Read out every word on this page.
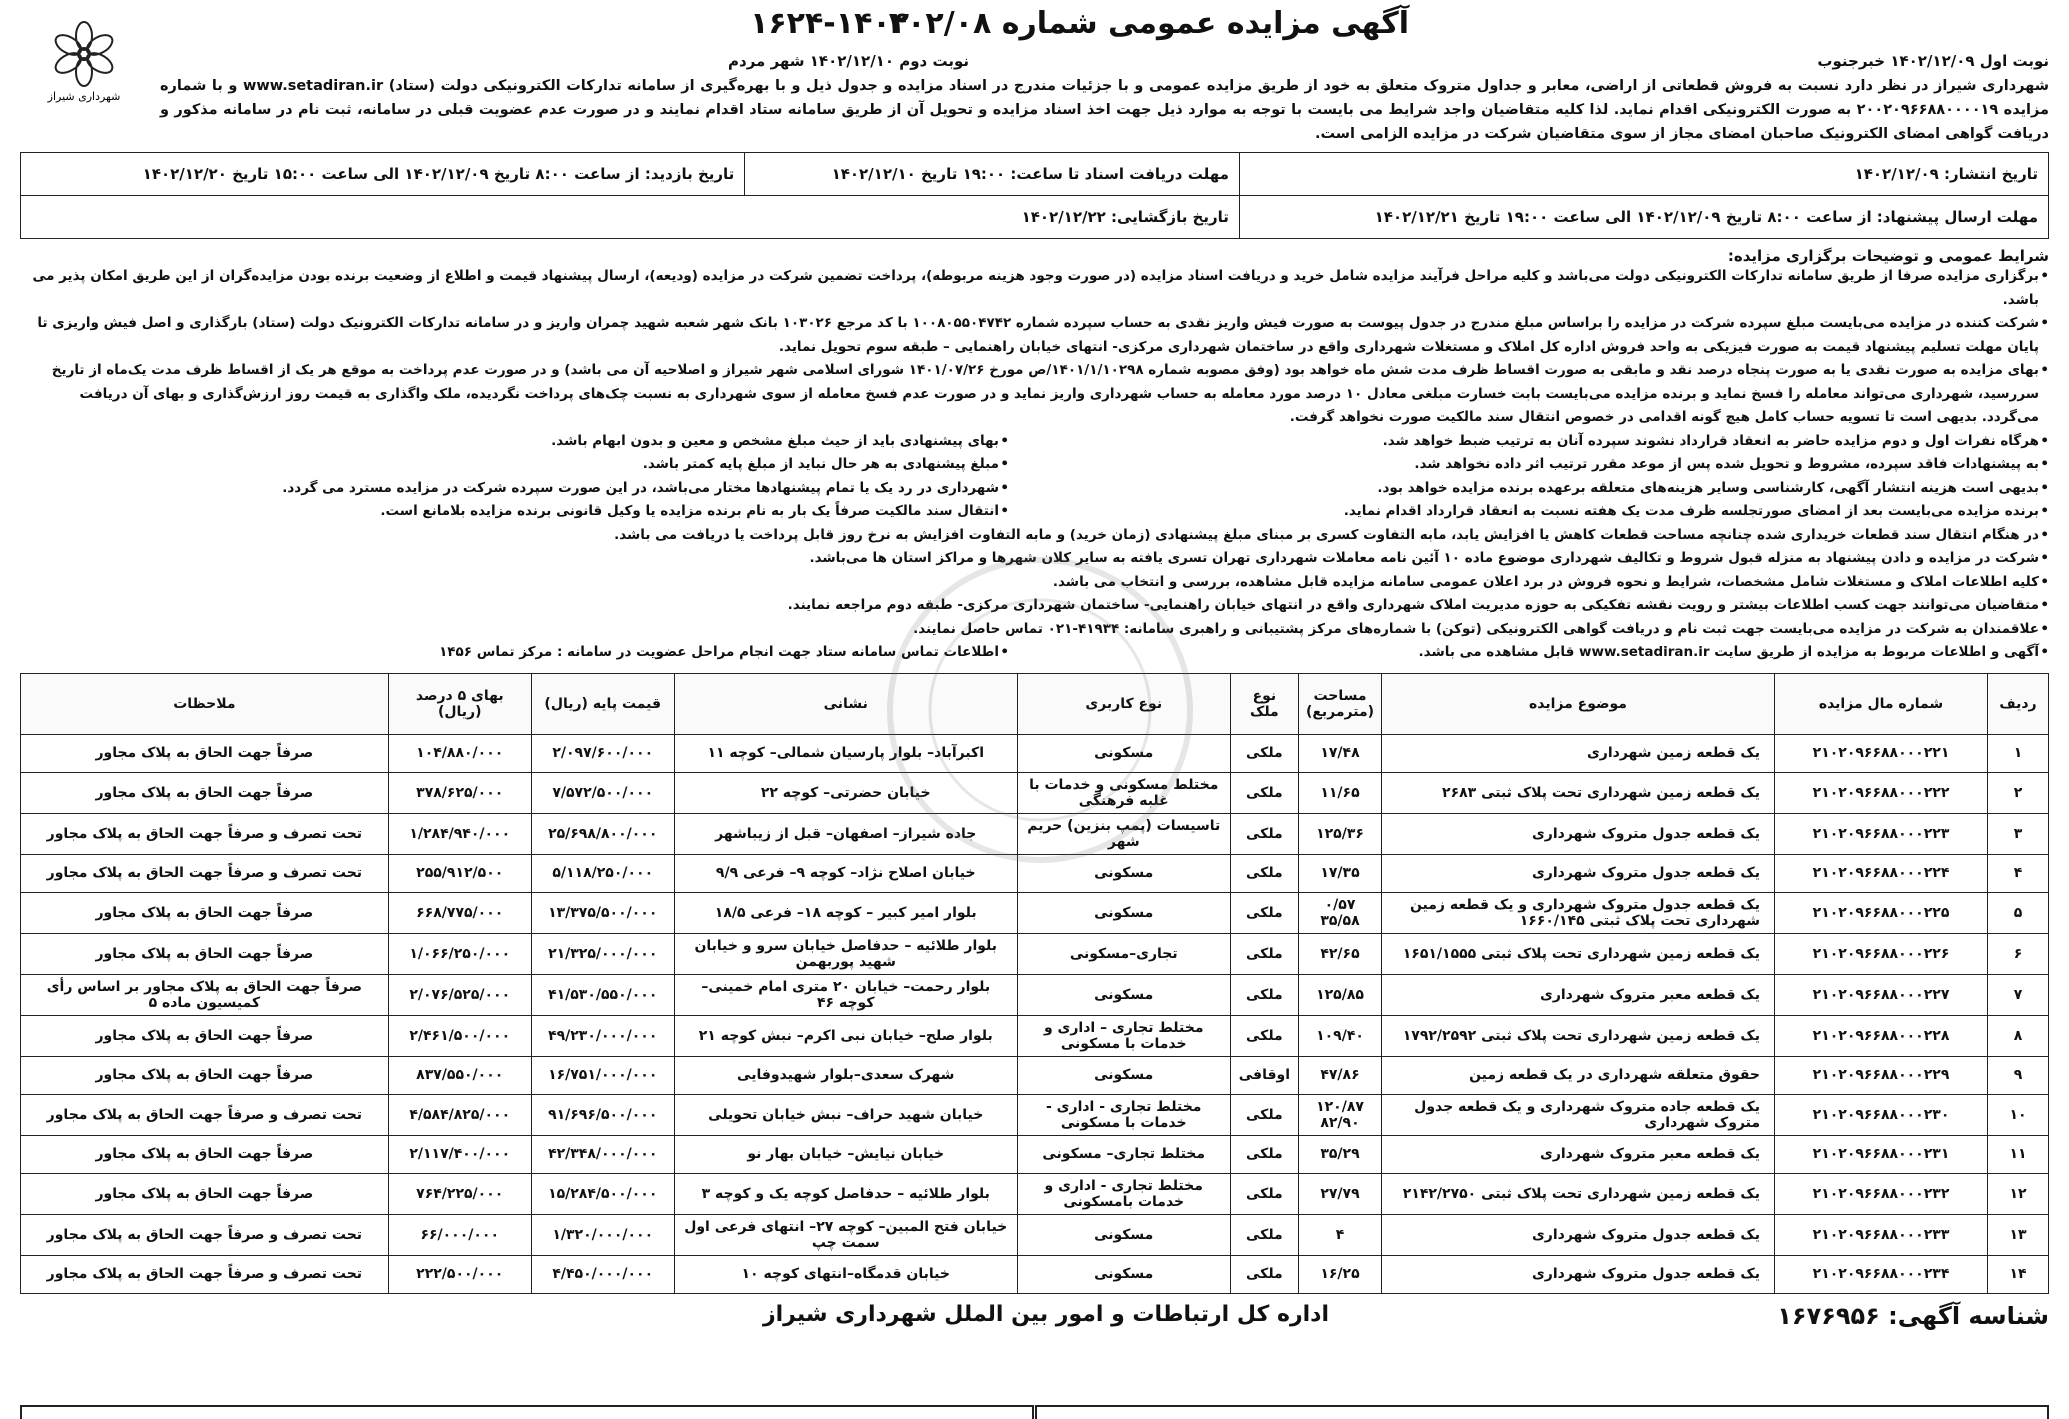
آگهی مزایده عمومی شماره ۴۰۲/۰۸
۱۶۲۴-۱۴۰۲
شهرداری شیراز
نوبت اول ۱۴۰۲/۱۲/۰۹ خبرجنوب
نوبت دوم ۱۴۰۲/۱۲/۱۰ شهر مردم
شهرداری شیراز در نظر دارد نسبت به فروش قطعاتی از اراضی، معابر و جداول متروک متعلق به خود از طریق مزایده عمومی و با جزئیات مندرج در اسناد مزایده و جدول ذیل و با بهره‌گیری از سامانه تدارکات الکترونیکی دولت (ستاد) www.setadiran.ir و با شماره مزایده ۲۰۰۲۰۹۶۶۸۸۰۰۰۰۱۹ به صورت الکترونیکی اقدام نماید. لذا کلیه متقاضیان واجد شرایط می بایست با توجه به موارد ذیل جهت اخذ اسناد مزایده و تحویل آن از طریق سامانه ستاد اقدام نمایند و در صورت عدم عضویت قبلی در سامانه، ثبت نام در سامانه مذکور و دریافت گواهی امضای الکترونیک صاحبان امضای مجاز از سوی متقاضیان شرکت در مزایده الزامی است.
تاریخ انتشار: ۱۴۰۲/۱۲/۰۹	مهلت دریافت اسناد تا ساعت: ۱۹:۰۰ تاریخ ۱۴۰۲/۱۲/۱۰	تاریخ بازدید: از ساعت ۸:۰۰ تاریخ ۱۴۰۲/۱۲/۰۹ الی ساعت ۱۵:۰۰ تاریخ ۱۴۰۲/۱۲/۲۰
مهلت ارسال پیشنهاد: از ساعت ۸:۰۰ تاریخ ۱۴۰۲/۱۲/۰۹ الی ساعت ۱۹:۰۰ تاریخ ۱۴۰۲/۱۲/۲۱	تاریخ بازگشایی: ۱۴۰۲/۱۲/۲۲	
شرایط عمومی و توضیحات برگزاری مزایده:
• برگزاری مزایده صرفا از طریق سامانه تدارکات الکترونیکی دولت می‌باشد و کلیه مراحل فرآیند مزایده شامل خرید و دریافت اسناد مزایده (در صورت وجود هزینه مربوطه)، پرداخت تضمین شرکت در مزایده (ودیعه)، ارسال پیشنهاد قیمت و اطلاع از وضعیت برنده بودن مزایده‌گران از این طریق امکان پذیر می باشد.
• شرکت کننده در مزایده می‌بایست مبلغ سپرده شرکت در مزایده را براساس مبلغ مندرج در جدول پیوست به صورت فیش واریز نقدی به حساب سپرده شماره ۱۰۰۸۰۵۵۰۴۷۴۲ با کد مرجع ۱۰۳۰۲۶ بانک شهر شعبه شهید چمران واریز و در سامانه تدارکات الکترونیک دولت (ستاد) بارگذاری و اصل فیش واریزی تا پایان مهلت تسلیم پیشنهاد قیمت به صورت فیزیکی به واحد فروش اداره کل املاک و مستغلات شهرداری واقع در ساختمان شهرداری مرکزی- انتهای خیابان راهنمایی – طبقه سوم تحویل نماید.
• بهای مزایده به صورت نقدی یا به صورت پنجاه درصد نقد و مابقی به صورت اقساط ظرف مدت شش ماه خواهد بود (وفق مصوبه شماره ۱۴۰۱/۱/۱۰۲۹۸/ص مورخ ۱۴۰۱/۰۷/۲۶ شورای اسلامی شهر شیراز و اصلاحیه آن می باشد) و در صورت عدم پرداخت به موقع هر یک از اقساط ظرف مدت یک‌ماه از تاریخ سررسید، شهرداری می‌تواند معامله را فسخ نماید و برنده مزایده می‌بایست بابت خسارت مبلغی معادل ۱۰ درصد مورد معامله به حساب شهرداری واریز نماید و در صورت عدم فسخ معامله از سوی شهرداری به نسبت چک‌های پرداخت نگردیده، ملک واگذاری به قیمت روز ارزش‌گذاری و بهای آن دریافت می‌گردد. بدیهی است تا تسویه حساب کامل هیچ گونه اقدامی در خصوص انتقال سند مالکیت صورت نخواهد گرفت.
• هرگاه نفرات اول و دوم مزایده حاضر به انعقاد قرارداد نشوند سپرده آنان به ترتیب ضبط خواهد شد.
• به پیشنهادات فاقد سپرده، مشروط و تحویل شده پس از موعد مقرر ترتیب اثر داده نخواهد شد.
• بدیهی است هزینه انتشار آگهی، کارشناسی وسایر هزینه‌های متعلقه برعهده برنده مزایده خواهد بود.
• برنده مزایده می‌بایست بعد از امضای صورتجلسه ظرف مدت یک هفته نسبت به انعقاد قرارداد اقدام نماید.
• بهای پیشنهادی باید از حیث مبلغ مشخص و معین و بدون ابهام باشد.
• مبلغ پیشنهادی به هر حال نباید از مبلغ پایه کمتر باشد.
• شهرداری در رد یک یا تمام پیشنهادها مختار می‌باشد، در این صورت سپرده شرکت در مزایده مسترد می گردد.
• انتقال سند مالکیت صرفاً یک بار به نام برنده مزایده یا وکیل قانونی برنده مزایده بلامانع است.
• در هنگام انتقال سند قطعات خریداری شده چنانچه مساحت قطعات کاهش یا افزایش یابد، مابه التفاوت کسری بر مبنای مبلغ پیشنهادی (زمان خرید) و مابه التفاوت افزایش به نرخ روز قابل پرداخت یا دریافت می باشد.
• شرکت در مزایده و دادن پیشنهاد به منزله قبول شروط و تکالیف شهرداری موضوع ماده ۱۰ آئین نامه معاملات شهرداری تهران تسری یافته به سایر کلان شهرها و مراکز استان ها می‌باشد.
• کلیه اطلاعات املاک و مستغلات شامل مشخصات، شرایط و نحوه فروش در برد اعلان عمومی سامانه مزایده قابل مشاهده، بررسی و انتخاب می باشد.
• متقاضیان می‌توانند جهت کسب اطلاعات بیشتر و رویت نقشه تفکیکی به حوزه مدیریت املاک شهرداری واقع در انتهای خیابان راهنمایی- ساختمان شهرداری مرکزی- طبقه دوم مراجعه نمایند.
• علاقمندان به شرکت در مزایده می‌بایست جهت ثبت نام و دریافت گواهی الکترونیکی (توکن) با شماره‌های مرکز پشتیبانی و راهبری سامانه: ۴۱۹۳۴-۰۲۱ تماس حاصل نمایند.
• آگهی و اطلاعات مربوط به مزایده از طریق سایت www.setadiran.ir قابل مشاهده می باشد.
• اطلاعات تماس سامانه ستاد جهت انجام مراحل عضویت در سامانه : مرکز تماس ۱۴۵۶
ردیف	شماره مال مزایده	موضوع مزایده	مساحت (مترمربع)	نوع ملک	نوع کاربری	نشانی	قیمت پایه (ریال)	بهای ۵ درصد (ریال)	ملاحظات
۱	۲۱۰۲۰۹۶۶۸۸۰۰۰۲۲۱	یک قطعه زمین شهرداری	۱۷/۴۸	ملکی	مسکونی	اکبرآباد– بلوار پارسیان شمالی– کوچه ۱۱	۲/۰۹۷/۶۰۰/۰۰۰	۱۰۴/۸۸۰/۰۰۰	صرفاً جهت الحاق به پلاک مجاور
۲	۲۱۰۲۰۹۶۶۸۸۰۰۰۲۲۲	یک قطعه زمین شهرداری تحت پلاک ثبتی ۲۶۸۳	۱۱/۶۵	ملکی	مختلط مسکونی و خدمات با غلبه فرهنگی	خیابان حضرتی– کوچه ۲۲	۷/۵۷۲/۵۰۰/۰۰۰	۳۷۸/۶۲۵/۰۰۰	صرفاً جهت الحاق به پلاک مجاور
۳	۲۱۰۲۰۹۶۶۸۸۰۰۰۲۲۳	یک قطعه جدول متروک شهرداری	۱۲۵/۳۶	ملکی	تاسیسات (پمپ بنزین) حریم شهر	جاده شیراز– اصفهان– قبل از زیباشهر	۲۵/۶۹۸/۸۰۰/۰۰۰	۱/۲۸۴/۹۴۰/۰۰۰	تحت تصرف و صرفاً جهت الحاق به پلاک مجاور
۴	۲۱۰۲۰۹۶۶۸۸۰۰۰۲۲۴	یک قطعه جدول متروک شهرداری	۱۷/۳۵	ملکی	مسکونی	خیابان اصلاح نژاد– کوچه ۹– فرعی ۹/۹	۵/۱۱۸/۲۵۰/۰۰۰	۲۵۵/۹۱۲/۵۰۰	تحت تصرف و صرفاً جهت الحاق به پلاک مجاور
۵	۲۱۰۲۰۹۶۶۸۸۰۰۰۲۲۵	یک قطعه جدول متروک شهرداری و یک قطعه زمین شهرداری تحت پلاک ثبتی ۱۶۶۰/۱۴۵	۰/۵۷ ۳۵/۵۸	ملکی	مسکونی	بلوار امیر کبیر – کوچه ۱۸– فرعی ۱۸/۵	۱۳/۳۷۵/۵۰۰/۰۰۰	۶۶۸/۷۷۵/۰۰۰	صرفاً جهت الحاق به پلاک مجاور
۶	۲۱۰۲۰۹۶۶۸۸۰۰۰۲۲۶	یک قطعه زمین شهرداری تحت پلاک ثبتی ۱۶۵۱/۱۵۵۵	۴۲/۶۵	ملکی	تجاری–مسکونی	بلوار طلائیه – حدفاصل خیابان سرو و خیابان شهید پوربهمن	۲۱/۳۲۵/۰۰۰/۰۰۰	۱/۰۶۶/۲۵۰/۰۰۰	صرفاً جهت الحاق به پلاک مجاور
۷	۲۱۰۲۰۹۶۶۸۸۰۰۰۲۲۷	یک قطعه معبر متروک شهرداری	۱۲۵/۸۵	ملکی	مسکونی	بلوار رحمت– خیابان ۲۰ متری امام خمینی– کوچه ۴۶	۴۱/۵۳۰/۵۵۰/۰۰۰	۲/۰۷۶/۵۲۵/۰۰۰	صرفاً جهت الحاق به پلاک مجاور بر اساس رأی کمیسیون ماده ۵
۸	۲۱۰۲۰۹۶۶۸۸۰۰۰۲۲۸	یک قطعه زمین شهرداری تحت پلاک ثبتی ۱۷۹۲/۲۵۹۲	۱۰۹/۴۰	ملکی	مختلط تجاری – اداری و خدمات با مسکونی	بلوار صلح– خیابان نبی اکرم– نبش کوچه ۲۱	۴۹/۲۳۰/۰۰۰/۰۰۰	۲/۴۶۱/۵۰۰/۰۰۰	صرفاً جهت الحاق به پلاک مجاور
۹	۲۱۰۲۰۹۶۶۸۸۰۰۰۲۲۹	حقوق متعلقه شهرداری در یک قطعه زمین	۴۷/۸۶	اوقافی	مسکونی	شهرک سعدی–بلوار شهیدوفایی	۱۶/۷۵۱/۰۰۰/۰۰۰	۸۳۷/۵۵۰/۰۰۰	صرفاً جهت الحاق به پلاک مجاور
۱۰	۲۱۰۲۰۹۶۶۸۸۰۰۰۲۳۰	یک قطعه جاده متروک شهرداری و یک قطعه جدول متروک شهرداری	۱۲۰/۸۷ ۸۲/۹۰	ملکی	مختلط تجاری - اداری - خدمات با مسکونی	خیابان شهید حراف– نبش خیابان تحویلی	۹۱/۶۹۶/۵۰۰/۰۰۰	۴/۵۸۴/۸۲۵/۰۰۰	تحت تصرف و صرفاً جهت الحاق به پلاک مجاور
۱۱	۲۱۰۲۰۹۶۶۸۸۰۰۰۲۳۱	یک قطعه معبر متروک شهرداری	۳۵/۲۹	ملکی	مختلط تجاری– مسکونی	خیابان نیایش– خیابان بهار نو	۴۲/۳۴۸/۰۰۰/۰۰۰	۲/۱۱۷/۴۰۰/۰۰۰	صرفاً جهت الحاق به پلاک مجاور
۱۲	۲۱۰۲۰۹۶۶۸۸۰۰۰۲۳۲	یک قطعه زمین شهرداری تحت پلاک ثبتی ۲۱۴۲/۲۷۵۰	۲۷/۷۹	ملکی	مختلط تجاری - اداری و خدمات بامسکونی	بلوار طلائیه – حدفاصل کوچه یک و کوچه ۳	۱۵/۲۸۴/۵۰۰/۰۰۰	۷۶۴/۲۲۵/۰۰۰	صرفاً جهت الحاق به پلاک مجاور
۱۳	۲۱۰۲۰۹۶۶۸۸۰۰۰۲۳۳	یک قطعه جدول متروک شهرداری	۴	ملکی	مسکونی	خیابان فتح المبین– کوچه ۲۷– انتهای فرعی اول سمت چپ	۱/۳۲۰/۰۰۰/۰۰۰	۶۶/۰۰۰/۰۰۰	تحت تصرف و صرفاً جهت الحاق به پلاک مجاور
۱۴	۲۱۰۲۰۹۶۶۸۸۰۰۰۲۳۴	یک قطعه جدول متروک شهرداری	۱۶/۲۵	ملکی	مسکونی	خیابان قدمگاه–انتهای کوچه ۱۰	۴/۴۵۰/۰۰۰/۰۰۰	۲۲۲/۵۰۰/۰۰۰	تحت تصرف و صرفاً جهت الحاق به پلاک مجاور
شناسه آگهی: ۱۶۷۶۹۵۶
اداره کل ارتباطات و امور بین الملل شهرداری شیراز
